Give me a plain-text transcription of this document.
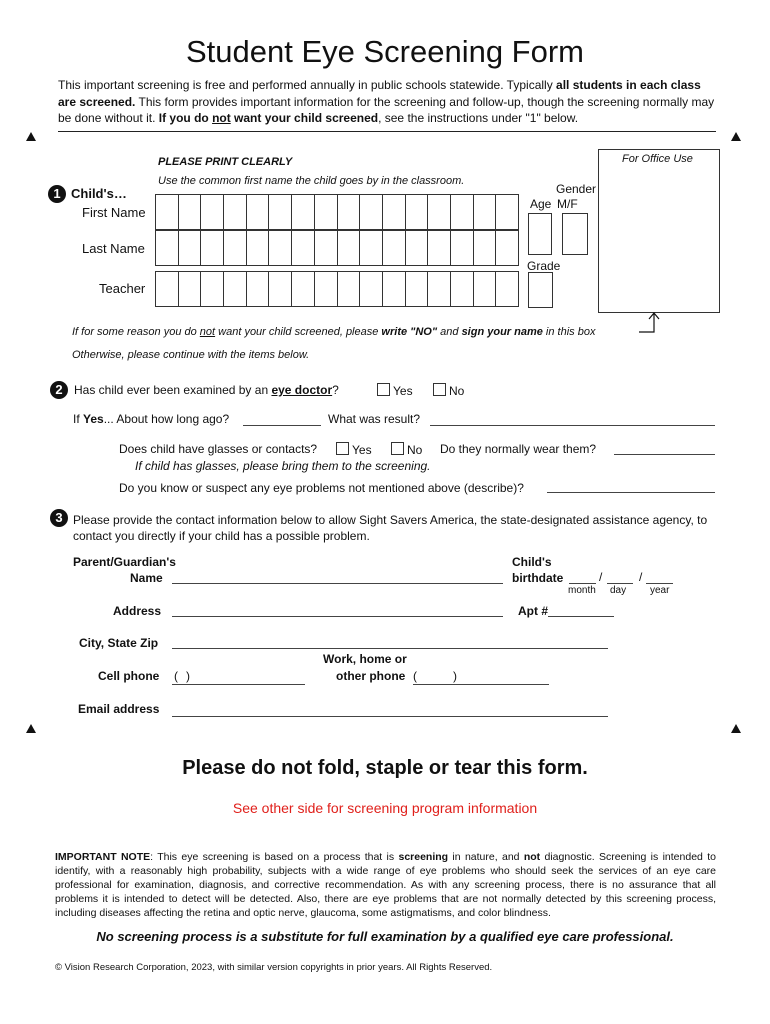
Student Eye Screening Form
This important screening is free and performed annually in public schools statewide. Typically all students in each class are screened. This form provides important information for the screening and follow-up, though the screening normally may be done without it. If you do not want your child screened, see the instructions under "1" below.
PLEASE PRINT CLEARLY
Use the common first name the child goes by in the classroom.
1 Child's…
First Name
Last Name
Teacher
Gender
Age M/F
Grade
For Office Use
If for some reason you do not want your child screened, please write "NO" and sign your name in this box
Otherwise, please continue with the items below.
2 Has child ever been examined by an eye doctor?	Yes	No
If Yes... About how long ago?	What was result?
Does child have glasses or contacts?	Yes	No Do they normally wear them?
If child has glasses, please bring them to the screening.
Do you know or suspect any eye problems not mentioned above (describe)?
3 Please provide the contact information below to allow Sight Savers America, the state-designated assistance agency, to contact you directly if your child has a possible problem.
Parent/Guardian's
Name
Child's
birthdate	/	/
month day year
Address	Apt #
City, State Zip
Work, home or
Cell phone ( )	other phone (	)
Email address
Please do not fold, staple or tear this form.
See other side for screening program information
IMPORTANT NOTE: This eye screening is based on a process that is screening in nature, and not diagnostic. Screening is intended to identify, with a reasonably high probability, subjects with a wide range of eye problems who should seek the services of an eye care professional for examination, diagnosis, and corrective recommendation. As with any screening process, there is no assurance that all problems it is intended to detect will be detected. Also, there are eye problems that are not normally detected by this screening process, including diseases affecting the retina and optic nerve, glaucoma, some astigmatisms, and color blindness.
No screening process is a substitute for full examination by a qualified eye care professional.
© Vision Research Corporation, 2023, with similar version copyrights in prior years. All Rights Reserved.
